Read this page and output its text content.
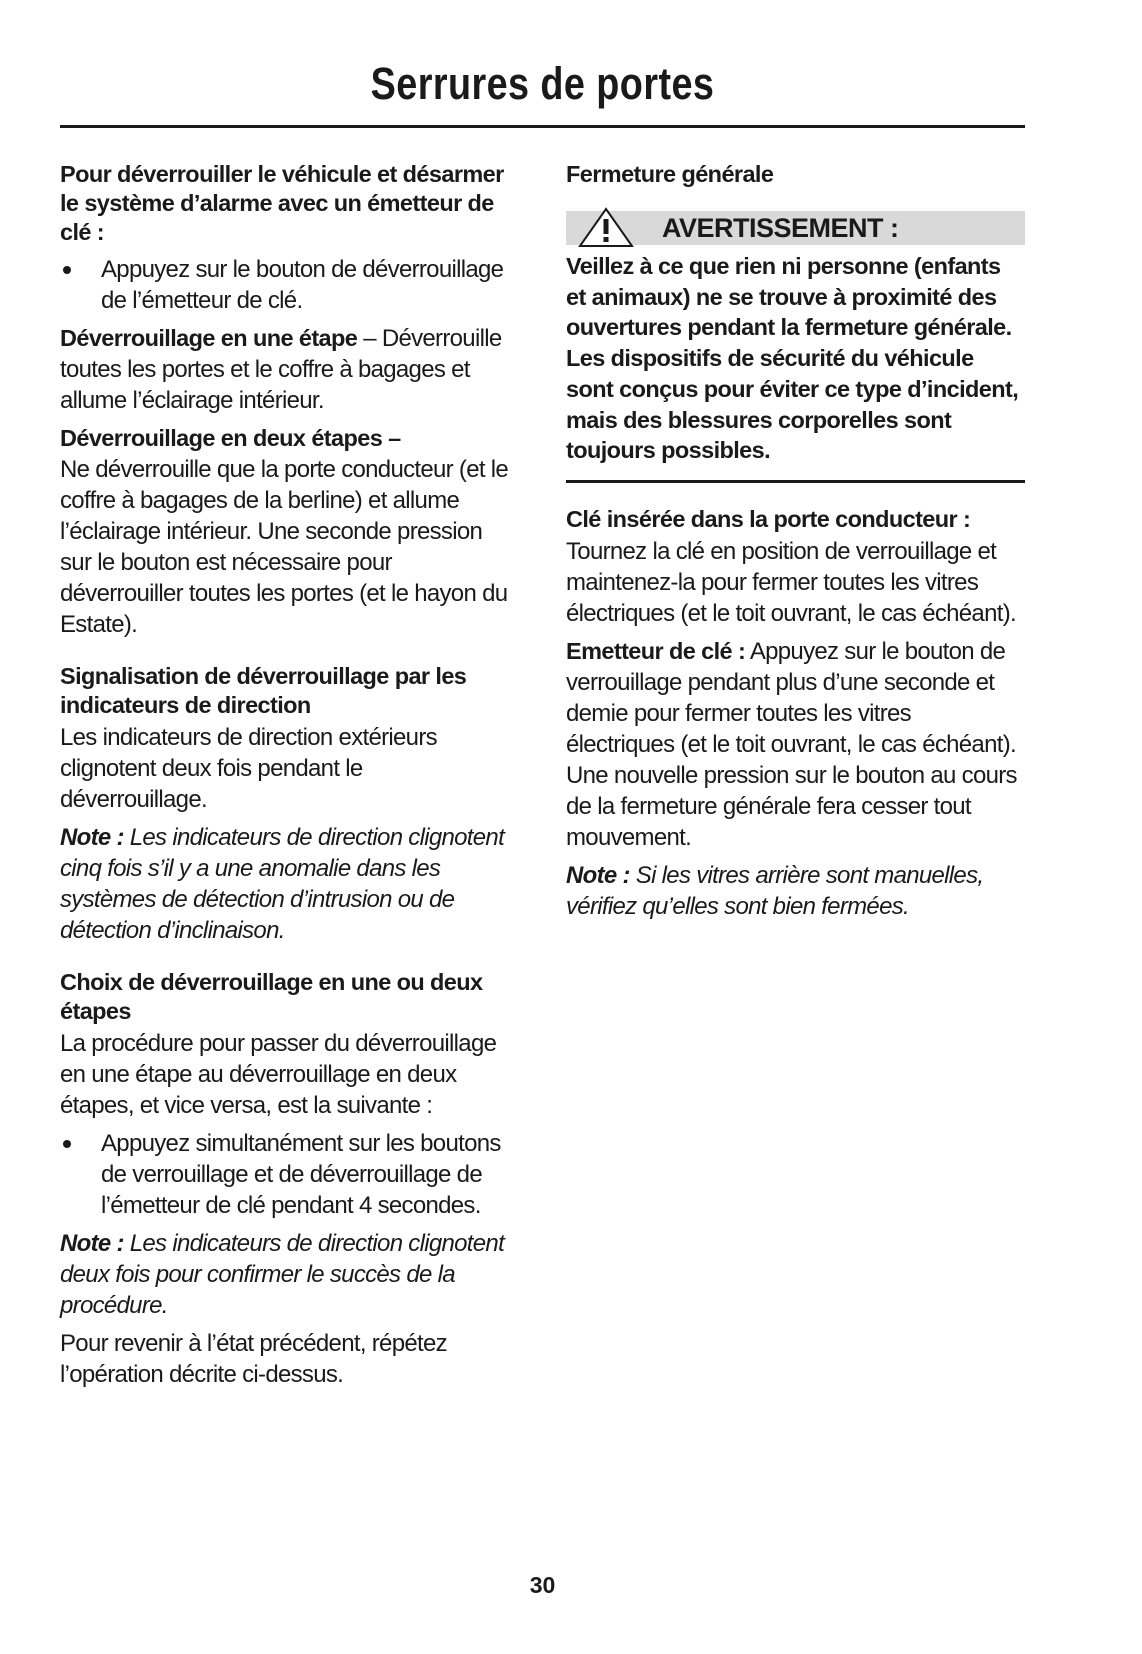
Serrures de portes
Pour déverrouiller le véhicule et désarmer le système d’alarme avec un émetteur de clé :
Appuyez sur le bouton de déverrouillage de l’émetteur de clé.

Déverrouillage en une étape – Déverrouille toutes les portes et le coffre à bagages et allume l’éclairage intérieur.

Déverrouillage en deux étapes –

Ne déverrouille que la porte conducteur (et le coffre à bagages de la berline) et allume l’éclairage intérieur. Une seconde pression sur le bouton est nécessaire pour déverrouiller toutes les portes (et le hayon du Estate).

Signalisation de déverrouillage par les indicateurs de direction

Les indicateurs de direction extérieurs clignotent deux fois pendant le déverrouillage.

Note : Les indicateurs de direction clignotent cinq fois s’il y a une anomalie dans les systèmes de détection d’intrusion ou de détection d’inclinaison.

Choix de déverrouillage en une ou deux étapes

La procédure pour passer du déverrouillage en une étape au déverrouillage en deux étapes, et vice versa, est la suivante :

Appuyez simultanément sur les boutons de verrouillage et de déverrouillage de l’émetteur de clé pendant 4 secondes.

Note : Les indicateurs de direction clignotent deux fois pour confirmer le succès de la procédure.

Pour revenir à l’état précédent, répétez l’opération décrite ci-dessus.

Fermeture générale
AVERTISSEMENT :

Veillez à ce que rien ni personne (enfants et animaux) ne se trouve à proximité des ouvertures pendant la fermeture générale. Les dispositifs de sécurité du véhicule sont conçus pour éviter ce type d’incident, mais des blessures corporelles sont toujours possibles.

Clé insérée dans la porte conducteur :

Tournez la clé en position de verrouillage et maintenez-la pour fermer toutes les vitres électriques (et le toit ouvrant, le cas échéant).

Emetteur de clé : Appuyez sur le bouton de verrouillage pendant plus d’une seconde et demie pour fermer toutes les vitres électriques (et le toit ouvrant, le cas échéant).

Une nouvelle pression sur le bouton au cours de la fermeture générale fera cesser tout mouvement.

Note : Si les vitres arrière sont manuelles, vérifiez qu’elles sont bien fermées.

30
